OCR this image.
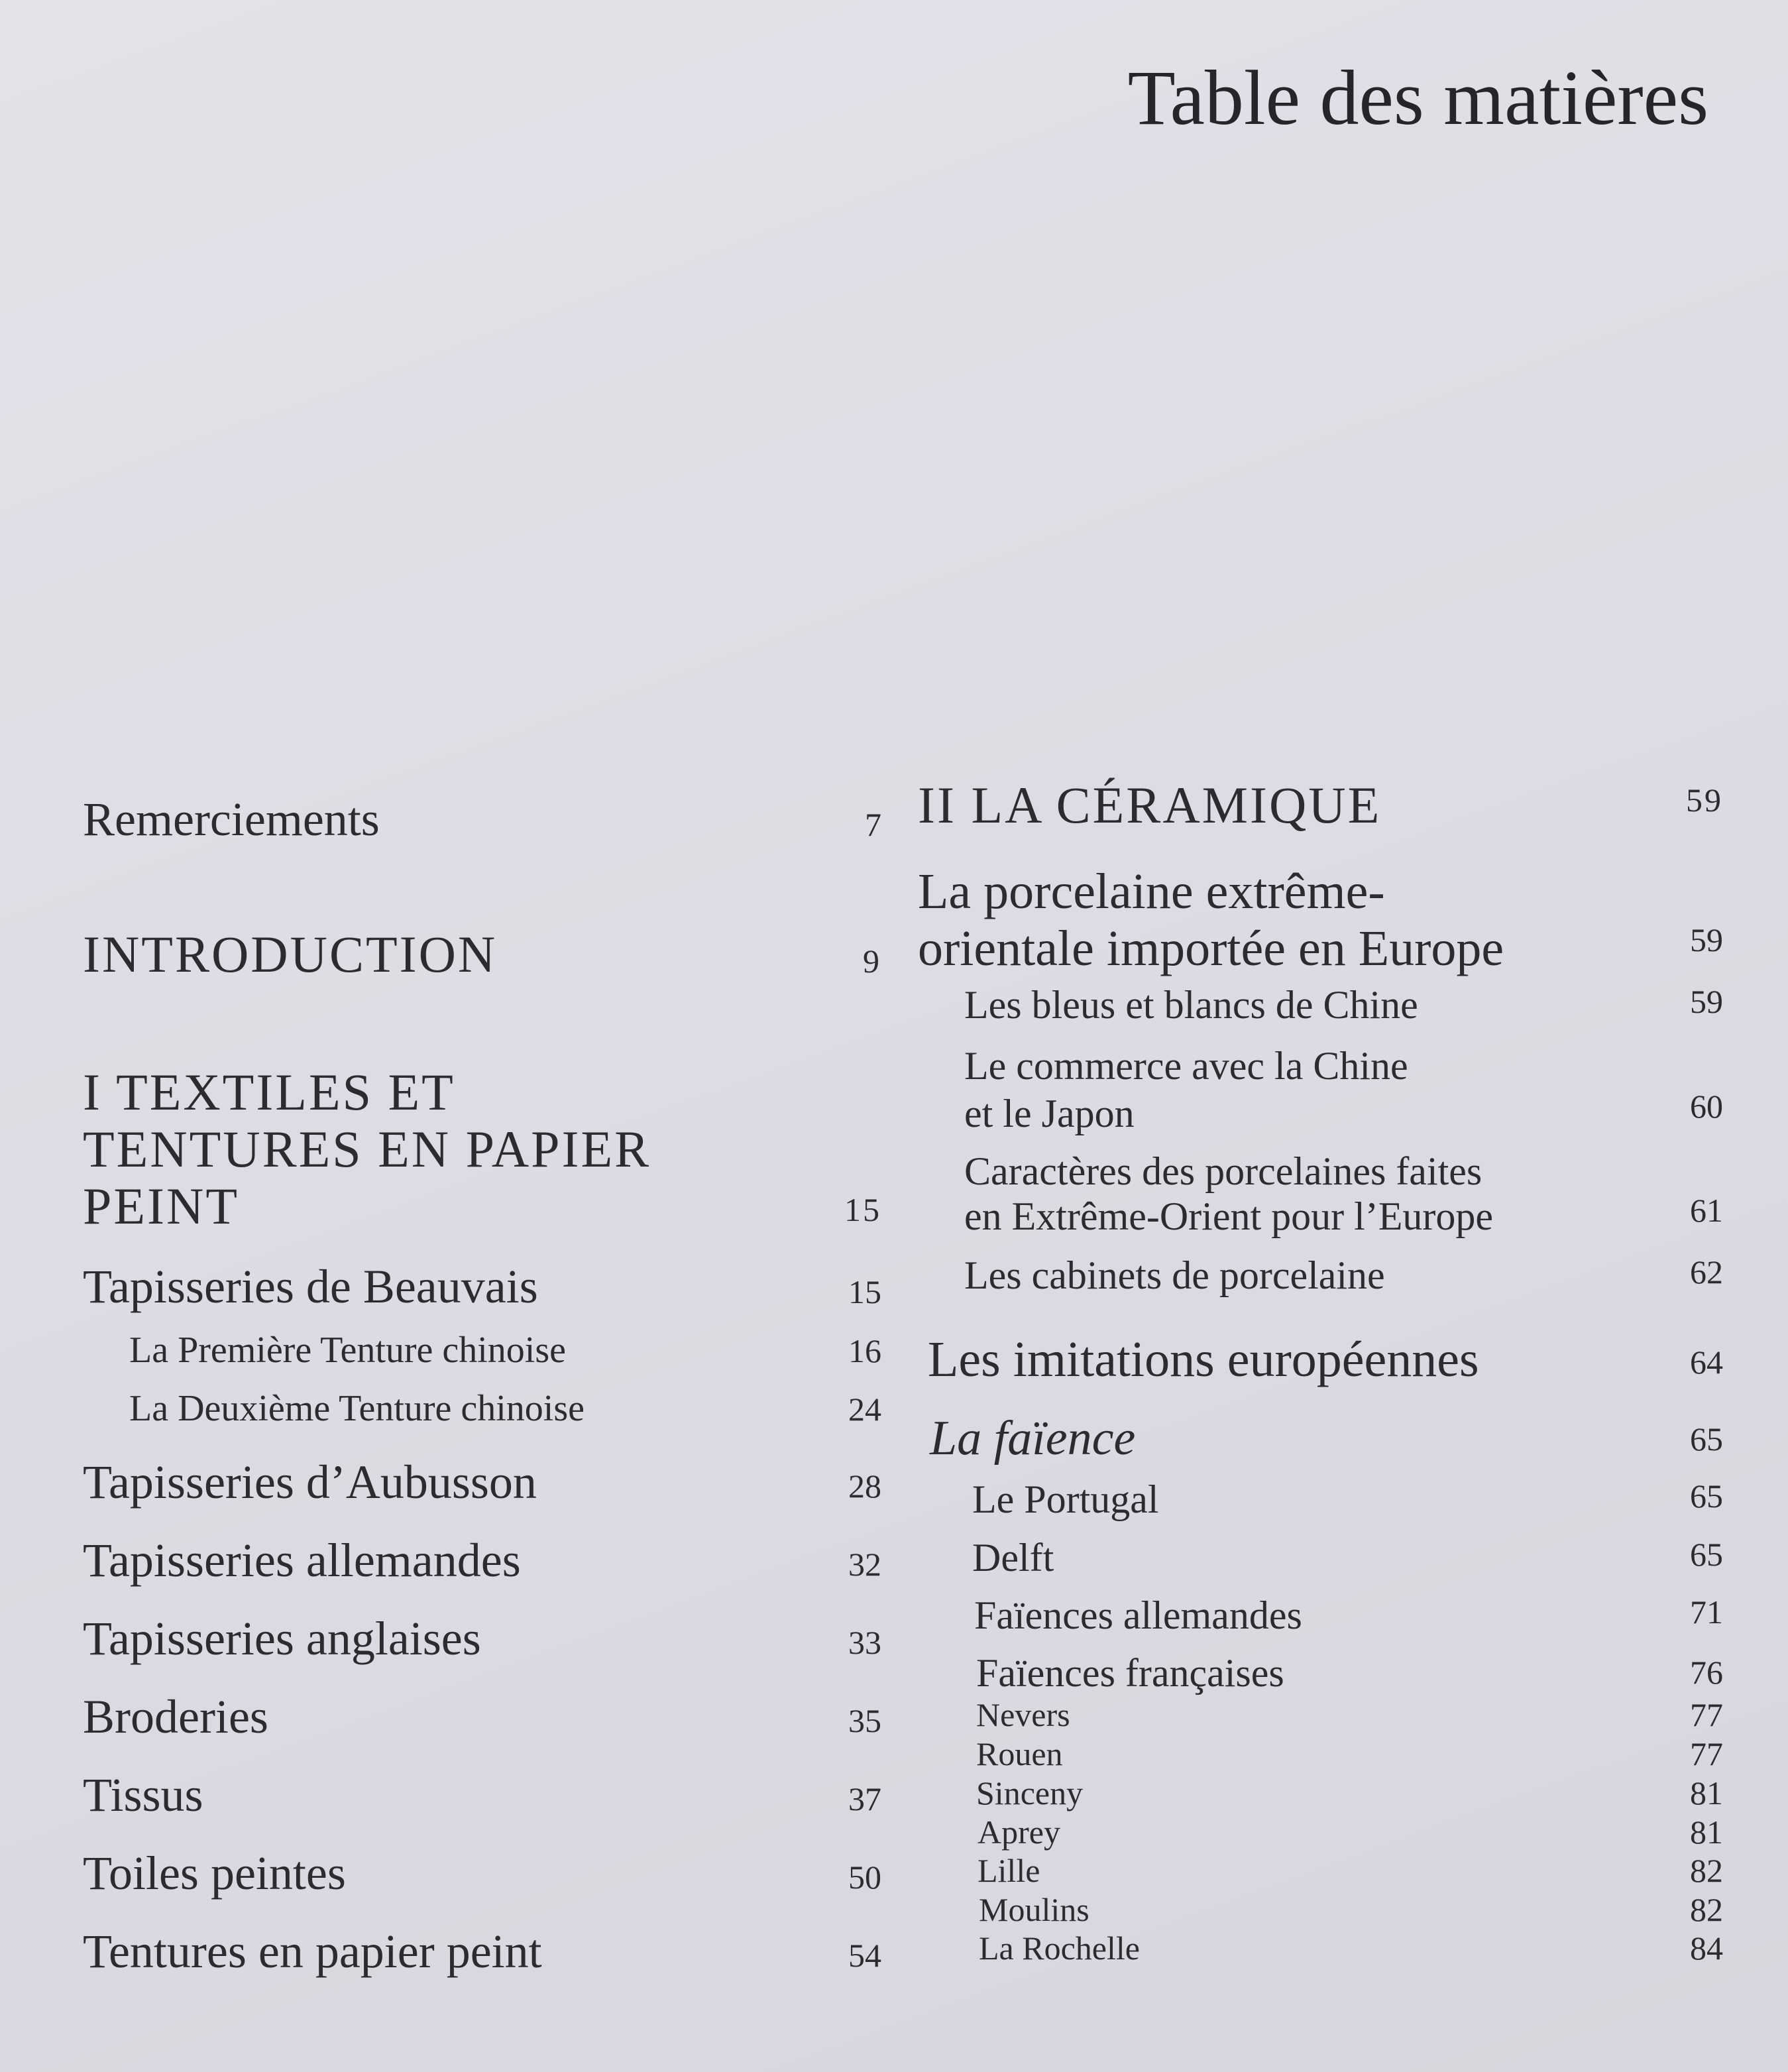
Table des matières
Remerciements	7
INTRODUCTION	9
I TEXTILES ET
TENTURES EN PAPIER
PEINT	15
Tapisseries de Beauvais	15
La Première Tenture chinoise	16
La Deuxième Tenture chinoise	24
Tapisseries d’Aubusson	28
Tapisseries allemandes	32
Tapisseries anglaises	33
Broderies	35
Tissus	37
Toiles peintes	50
Tentures en papier peint	54
II LA CÉRAMIQUE	59
La porcelaine extrême-
orientale importée en Europe	59
Les bleus et blancs de Chine	59
Le commerce avec la Chine
et le Japon	60
Caractères des porcelaines faites
en Extrême-Orient pour l’Europe	61
Les cabinets de porcelaine	62
Les imitations européennes	64
La faïence	65
Le Portugal	65
Delft	65
Faïences allemandes	71
Faïences françaises	76
Nevers	77
Rouen	77
Sinceny	81
Aprey	81
Lille	82
Moulins	82
La Rochelle	84
